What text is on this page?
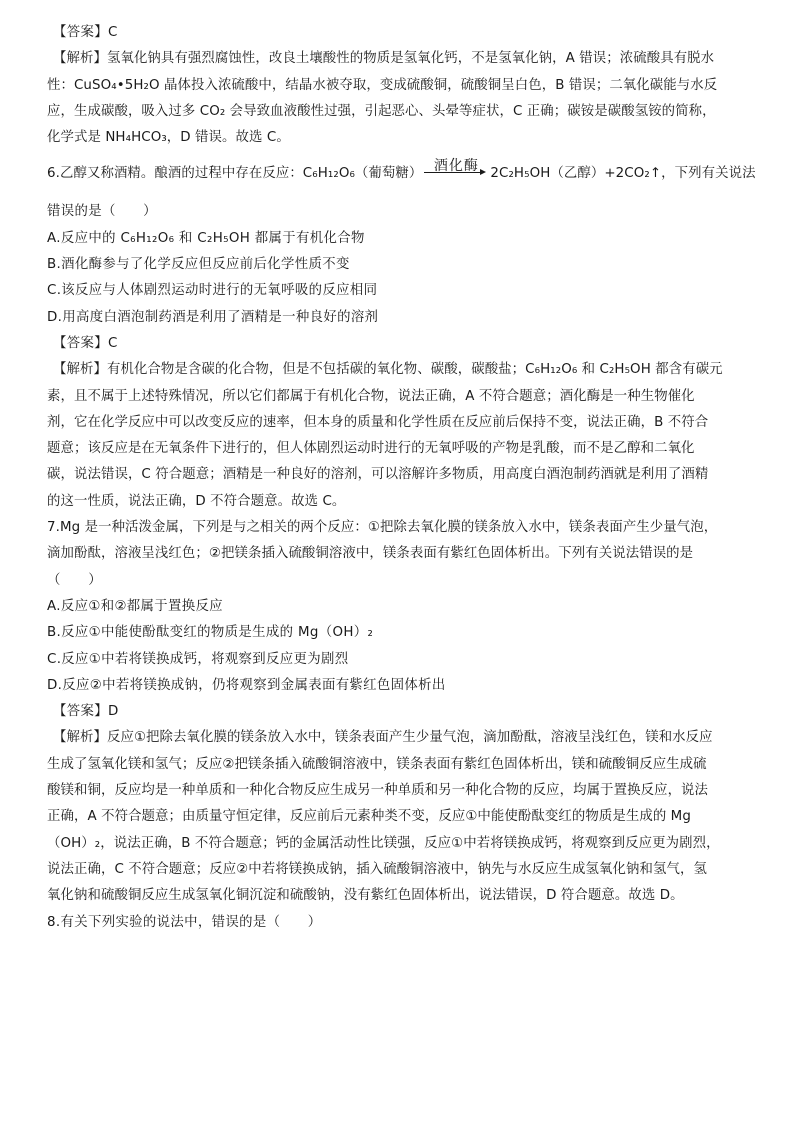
【答案】C
【解析】氢氧化钠具有强烈腐蚀性，改良土壤酸性的物质是氢氧化钙，不是氢氧化钠，A 错误；浓硫酸具有脱水
性：CuSO₄•5H₂O 晶体投入浓硫酸中，结晶水被夺取，变成硫酸铜，硫酸铜呈白色，B 错误；二氧化碳能与水反
应，生成碳酸，吸入过多 CO₂ 会导致血液酸性过强，引起恶心、头晕等症状，C 正确；碳铵是碳酸氢铵的简称，
化学式是 NH₄HCO₃，D 错误。故选 C。
6.乙醇又称酒精。酿酒的过程中存在反应：C₆H₁₂O₆（葡萄糖） 酒化酶 2C₂H₅OH（乙醇）+2CO₂↑，下列有关说法
错误的是（　　）
A.反应中的 C₆H₁₂O₆ 和 C₂H₅OH 都属于有机化合物
B.酒化酶参与了化学反应但反应前后化学性质不变
C.该反应与人体剧烈运动时进行的无氧呼吸的反应相同
D.用高度白酒泡制药酒是利用了酒精是一种良好的溶剂
【答案】C
【解析】有机化合物是含碳的化合物，但是不包括碳的氧化物、碳酸，碳酸盐；C₆H₁₂O₆ 和 C₂H₅OH 都含有碳元
素，且不属于上述特殊情况，所以它们都属于有机化合物，说法正确，A 不符合题意；酒化酶是一种生物催化
剂，它在化学反应中可以改变反应的速率，但本身的质量和化学性质在反应前后保持不变，说法正确，B 不符合
题意；该反应是在无氧条件下进行的，但人体剧烈运动时进行的无氧呼吸的产物是乳酸，而不是乙醇和二氧化
碳，说法错误，C 符合题意；酒精是一种良好的溶剂，可以溶解许多物质，用高度白酒泡制药酒就是利用了酒精
的这一性质，说法正确，D 不符合题意。故选 C。
7.Mg 是一种活泼金属，下列是与之相关的两个反应：①把除去氧化膜的镁条放入水中，镁条表面产生少量气泡，
滴加酚酞，溶液呈浅红色；②把镁条插入硫酸铜溶液中，镁条表面有紫红色固体析出。下列有关说法错误的是
（　　）
A.反应①和②都属于置换反应
B.反应①中能使酚酞变红的物质是生成的 Mg（OH）₂
C.反应①中若将镁换成钙，将观察到反应更为剧烈
D.反应②中若将镁换成钠，仍将观察到金属表面有紫红色固体析出
【答案】D
【解析】反应①把除去氧化膜的镁条放入水中，镁条表面产生少量气泡，滴加酚酞，溶液呈浅红色，镁和水反应
生成了氢氧化镁和氢气；反应②把镁条插入硫酸铜溶液中，镁条表面有紫红色固体析出，镁和硫酸铜反应生成硫
酸镁和铜，反应均是一种单质和一种化合物反应生成另一种单质和另一种化合物的反应，均属于置换反应，说法
正确，A 不符合题意；由质量守恒定律，反应前后元素种类不变，反应①中能使酚酞变红的物质是生成的 Mg
（OH）₂，说法正确，B 不符合题意；钙的金属活动性比镁强，反应①中若将镁换成钙，将观察到反应更为剧烈，
说法正确，C 不符合题意；反应②中若将镁换成钠，插入硫酸铜溶液中，钠先与水反应生成氢氧化钠和氢气，氢
氧化钠和硫酸铜反应生成氢氧化铜沉淀和硫酸钠，没有紫红色固体析出，说法错误，D 符合题意。故选 D。
8.有关下列实验的说法中，错误的是（　　）
